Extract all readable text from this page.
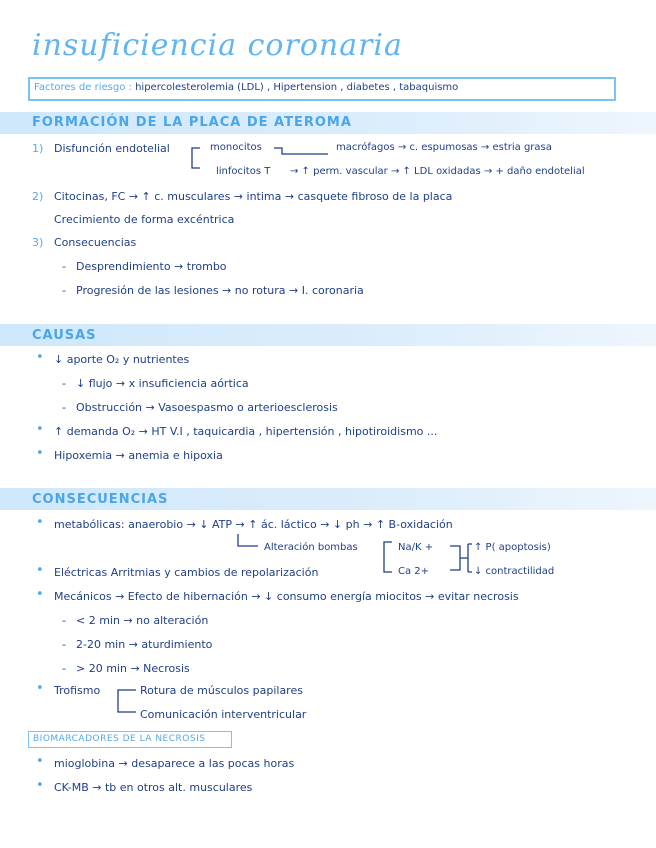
insuficiencia coronaria
Factores de riesgo : hipercolesterolemia (LDL) , Hipertension , diabetes , tabaquismo
FORMACIÓN DE LA PLACA DE ATEROMA
1) Disfunción endotelial	monocitos	macrófagos → c. espumosas → estria grasa
linfocitos T → ↑ perm. vascular → ↑ LDL oxidadas → + daño endotelial
2) Citocinas, FC → ↑ c. musculares → intima → casquete fibroso de la placa
Crecimiento de forma excéntrica
3) Consecuencias
- Desprendimiento → trombo
- Progresión de las lesiones → no rotura → I. coronaria
CAUSAS
• ↓ aporte O₂ y nutrientes
- ↓ flujo → x insuficiencia aórtica
- Obstrucción → Vasoespasmo o arterioesclerosis
• ↑ demanda O₂ → HT V.I , taquicardia , hipertensión , hipotiroidismo ...
• Hipoxemia → anemia e hipoxia
CONSECUENCIAS
• metabólicas: anaerobio → ↓ ATP → ↑ ác. láctico → ↓ ph → ↑ B-oxidación
Alteración bombas	Na/K +
Ca 2+
↑ P( apoptosis)
↓ contractilidad
• Eléctricas Arritmias y cambios de repolarización
• Mecánicos → Efecto de hibernación → ↓ consumo energía miocitos → evitar necrosis
- < 2 min → no alteración
- 2-20 min → aturdimiento
- > 20 min → Necrosis
• Trofismo	Rotura de músculos papilares
Comunicación interventricular
BIOMARCADORES DE LA NECROSIS
• mioglobina → desaparece a las pocas horas
• CK-MB → tb en otros alt. musculares
